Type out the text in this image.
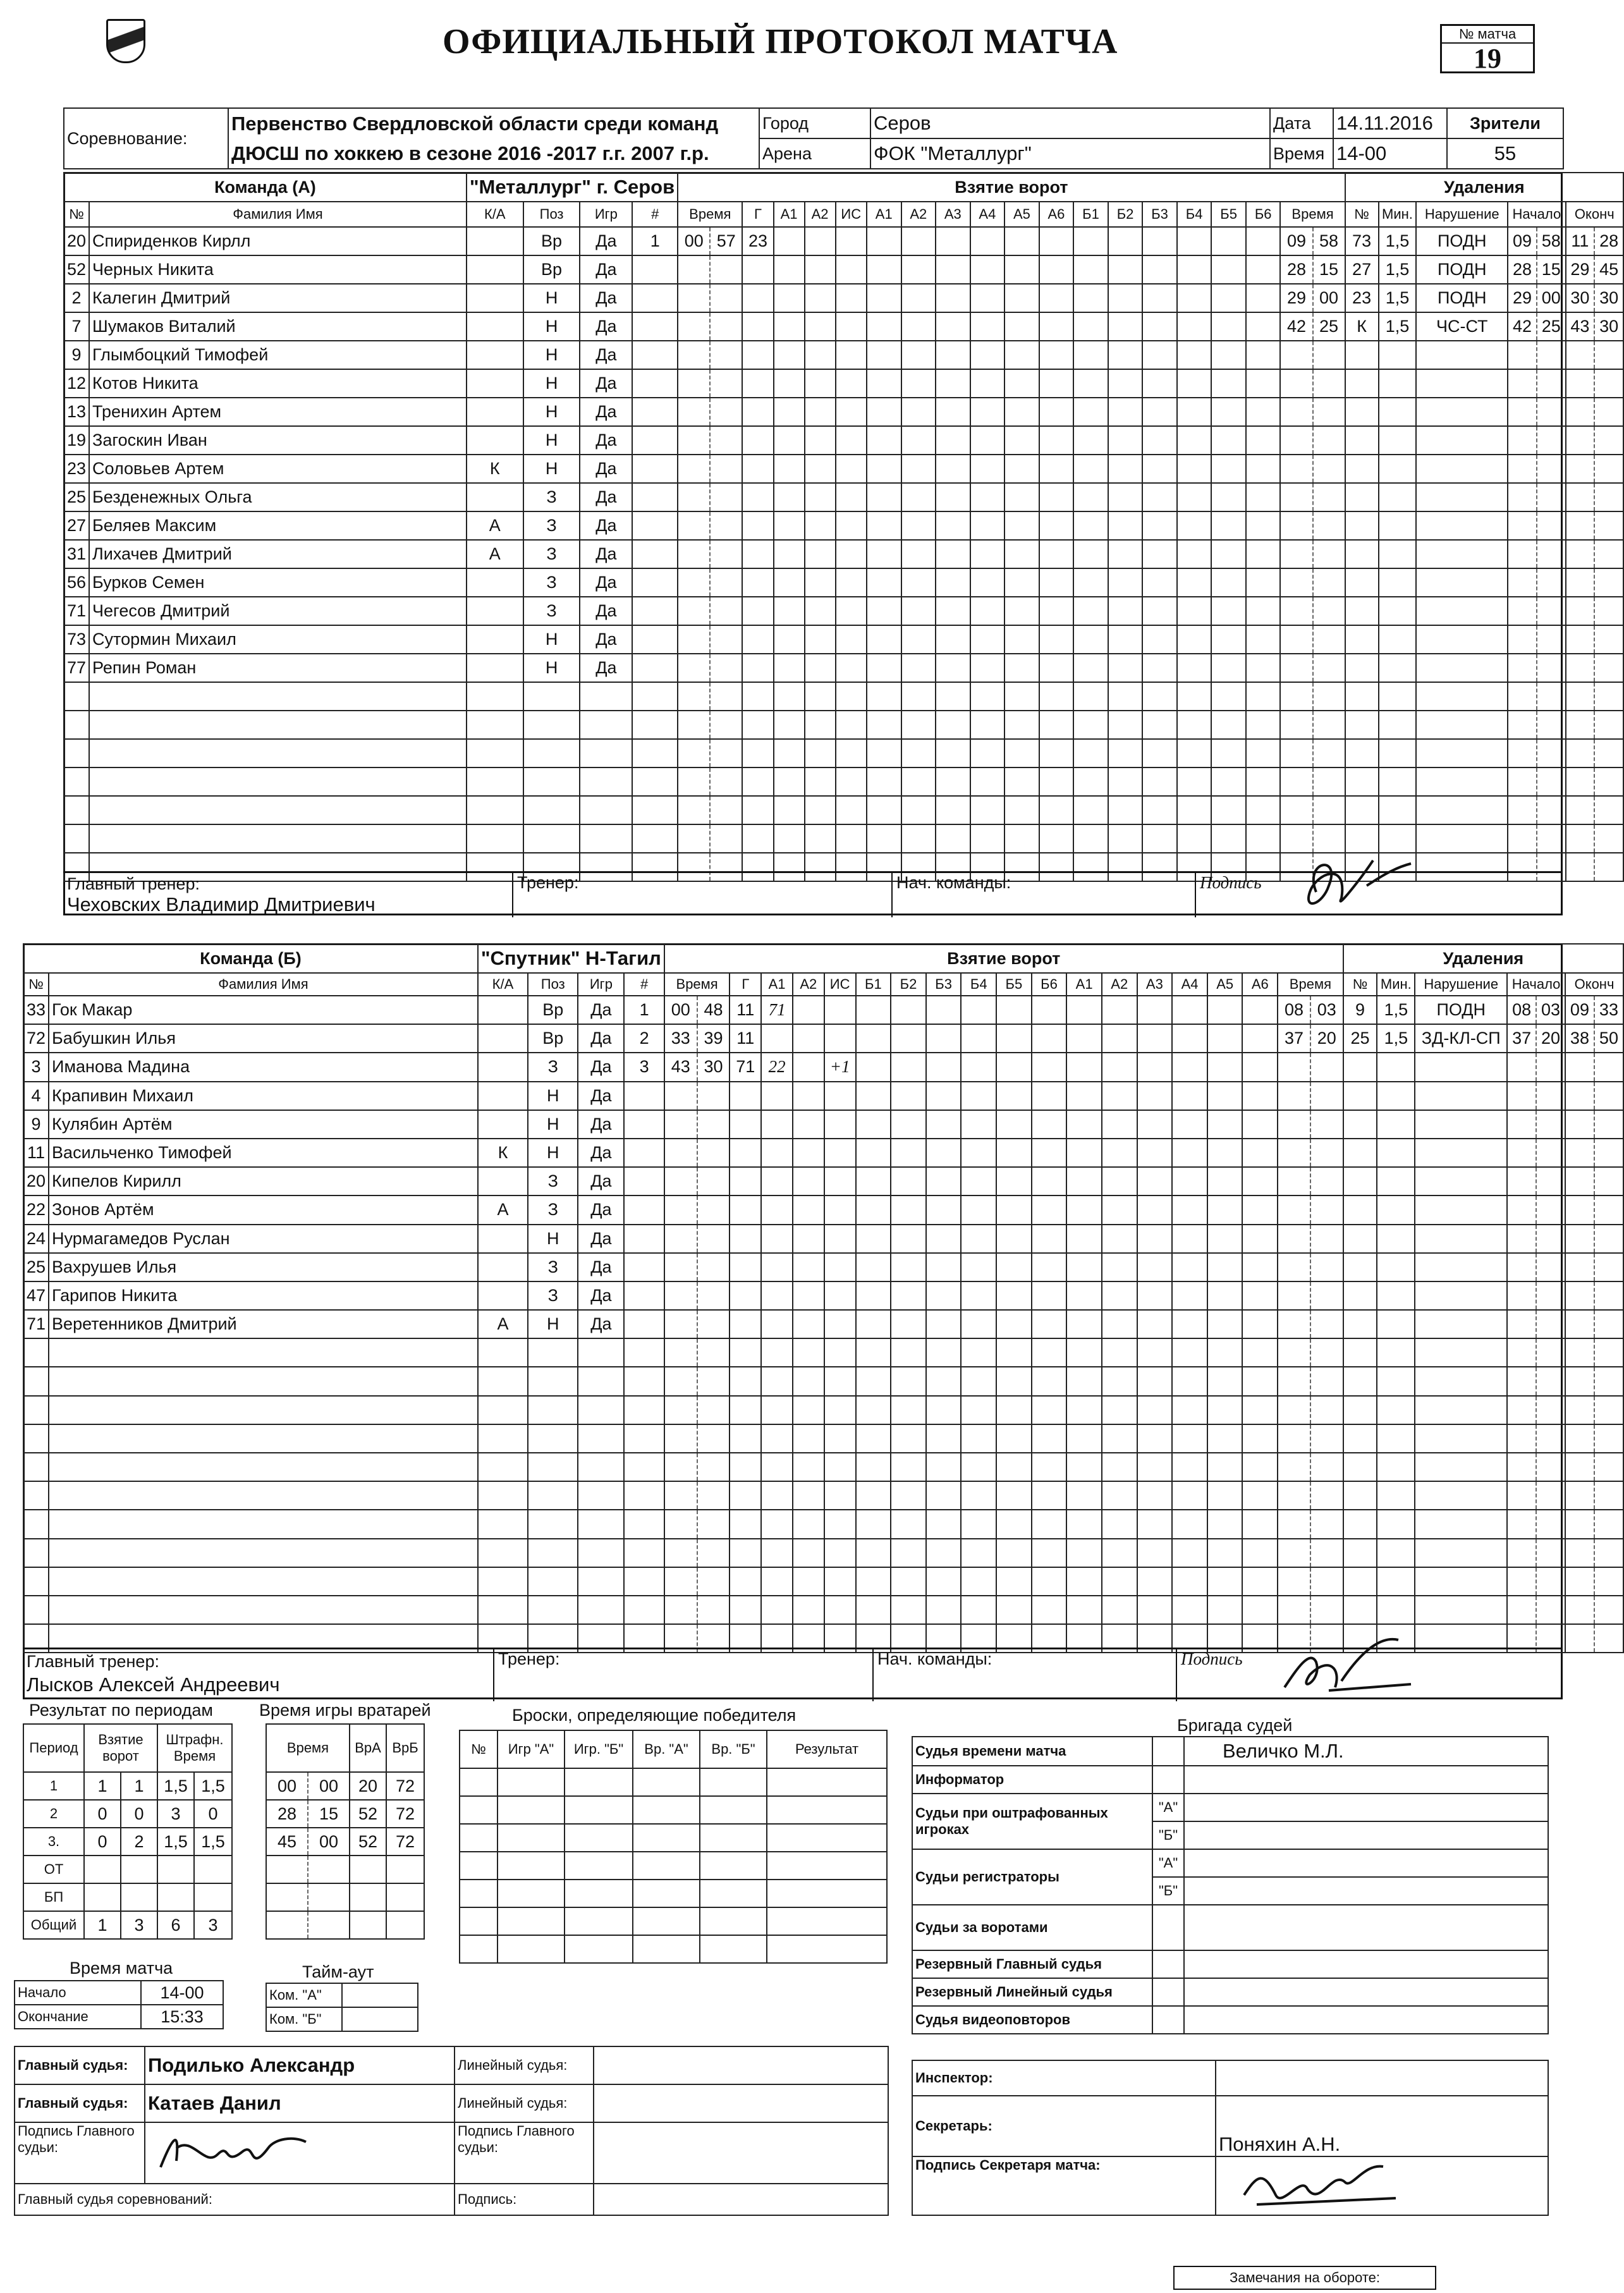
ОФИЦИАЛЬНЫЙ ПРОТОКОЛ МАТЧА	№ матча
19
Соревнование:	Первенство Свердловской области среди команд	Город	Серов	Дата	14.11.2016	Зрители
	ДЮСШ по хоккею в сезоне 2016 -2017 г.г. 2007 г.р.	Арена	ФОК "Металлург"	Время	14-00	55
Команда (А)		"Металлург" г. Серов				Взятие ворот																				Удаления						
№	Фамилия Имя	К/А	Поз	Игр	#	Время		Г	А1	А2	ИС	А1	А2	А3	А4	А5	А6	Б1	Б2	Б3	Б4	Б5	Б6	Время		№	Мин.	Нарушение	Начало		Оконч	
20	Спириденков Кирлл		Вр	Да	1	00	57	23																09	58	73	1,5	ПОДН	09	58	11	28
52	Черных Никита		Вр	Да																				28	15	27	1,5	ПОДН	28	15	29	45
2	Калегин Дмитрий		Н	Да																				29	00	23	1,5	ПОДН	29	00	30	30
7	Шумаков Виталий		Н	Да																				42	25	К	1,5	ЧС-СТ	42	25	43	30
9	Глымбоцкий Тимофей		Н	Да																												
12	Котов Никита		Н	Да																												
13	Тренихин Артем		Н	Да																												
19	Загоскин Иван		Н	Да																												
23	Соловьев Артем	К	Н	Да																												
25	Безденежных Ольга		З	Да																												
27	Беляев Максим	А	З	Да																												
31	Лихачев Дмитрий	А	З	Да																												
56	Бурков Семен		З	Да																												
71	Чегесов Дмитрий		З	Да																												
73	Сутормин Михаил		Н	Да																												
77	Репин Роман		Н	Да																												

Главный тренер:
Чеховских Владимир Дмитриевич
Тренер:	Нач. команды:	Подпись
Команда (Б)		"Спутник" Н-Тагил				Взятие ворот																				Удаления						
№	Фамилия Имя	К/А	Поз	Игр	#	Время		Г	А1	А2	ИС	Б1	Б2	Б3	Б4	Б5	Б6	А1	А2	А3	А4	А5	А6	Время		№	Мин.	Нарушение	Начало		Оконч	
33	Гок Макар		Вр	Да	1	00	48	11	71															08	03	9	1,5	ПОДН	08	03	09	33
72	Бабушкин Илья		Вр	Да	2	33	39	11																37	20	25	1,5	ЗД-КЛ-СП	37	20	38	50
3	Иманова Мадина		З	Да	3	43	30	71	22		+1																					
4	Крапивин Михаил		Н	Да																												
9	Кулябин Артём		Н	Да																												
11	Васильченко Тимофей	К	Н	Да																												
20	Кипелов Кирилл		З	Да																												
22	Зонов Артём	А	З	Да																												
24	Нурмагамедов Руслан		Н	Да																												
25	Вахрушев Илья		З	Да																												
47	Гарипов Никита		З	Да																												
71	Веретенников Дмитрий	А	Н	Да																												

Главный тренер:
Лысков Алексей Андреевич
Тренер:	Нач. команды:	Подпись
Результат по периодам
Период	Взятие ворот		Штрафн. Время	
1	1	1	1,5	1,5
2	0	0	3	0
3.	0	2	1,5	1,5
ОТ				
БП				
Общий	1	3	6	3
Время игры вратарей
Время		ВрА	ВрБ
00	00	20	72
28	15	52	72
45	00	52	72

Броски, определяющие победителя
№	Игр "А"	Игр. "Б"	Вр. "А"	Вр. "Б"	Результат

Время матча
Начало	14-00
Окончание	15:33
Тайм-аут
Ком. "А"	
Ком. "Б"	
Главный судья:	Подилько Александр	Линейный судья:	
Главный судья:	Катаев Данил	Линейный судья:	
Подпись Главного судьи:		Подпись Главного судьи:	
Главный судья соревнований:		Подпись:	
Бригада судей
Судья времени матча		Величко М.Л.
Информатор		
Судьи при оштрафованных игроках	"А"	
	"Б"	
Судьи регистраторы	"А"	
	"Б"	
Судьи за воротами		
Резервный Главный судья		
Резервный Линейный судья		
Судья видеоповторов		
Инспектор:	
Секретарь:	Поняхин А.Н.
Подпись Секретаря матча:	
Замечания на обороте:
